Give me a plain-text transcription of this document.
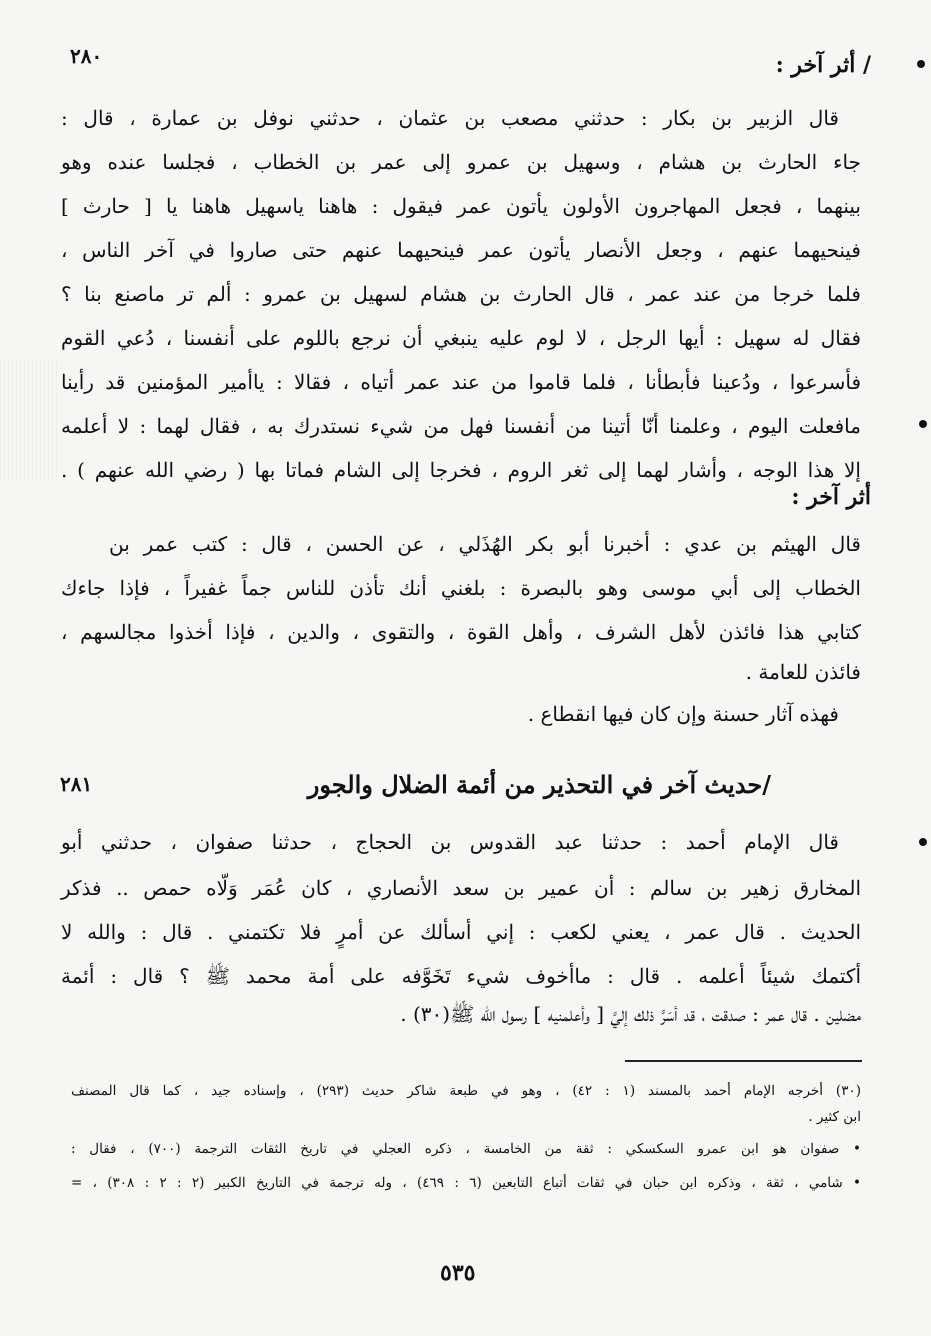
٢٨٠	/ أثر آخر :
قال الزبير بن بكار : حدثني مصعب بن عثمان ، حدثني نوفل بن عمارة ، قال :
جاء الحارث بن هشام ، وسهيل بن عمرو إلى عمر بن الخطاب ، فجلسا عنده وهو
بينهما ، فجعل المهاجرون الأولون يأتون عمر فيقول : هاهنا ياسهيل هاهنا يا [ حارث ]
فينحيهما عنهم ، وجعل الأنصار يأتون عمر فينحيهما عنهم حتى صاروا في آخر الناس ،
فلما خرجا من عند عمر ، قال الحارث بن هشام لسهيل بن عمرو : ألم تر ماصنع بنا ؟
فقال له سهيل : أيها الرجل ، لا لوم عليه ينبغي أن نرجع باللوم على أنفسنا ، دُعي القوم
فأسرعوا ، ودُعينا فأبطأنا ، فلما قاموا من عند عمر أتياه ، فقالا : ياأمير المؤمنين قد رأينا
مافعلت اليوم ، وعلمنا أنّا أتينا من أنفسنا فهل من شيء نستدرك به ، فقال لهما : لا أعلمه
إلا هذا الوجه ، وأشار لهما إلى ثغر الروم ، فخرجا إلى الشام فماتا بها ( رضي الله عنهم ) .
أثر آخر :
قال الهيثم بن عدي : أخبرنا أبو بكر الهُذَلي ، عن الحسن ، قال : كتب عمر بن
الخطاب إلى أبي موسى وهو بالبصرة : بلغني أنك تأذن للناس جماً غفيراً ، فإذا جاءك
كتابي هذا فائذن لأهل الشرف ، وأهل القوة ، والتقوى ، والدين ، فإذا أخذوا مجالسهم ،
فائذن للعامة .
فهذه آثار حسنة وإن كان فيها انقطاع .
٢٨١	/حديث آخر في التحذير من أئمة الضلال والجور
قال الإمام أحمد : حدثنا عبد القدوس بن الحجاج ، حدثنا صفوان ، حدثني أبو
المخارق زهير بن سالم : أن عمير بن سعد الأنصاري ، كان عُمَر وَلّاه حمص .. فذكر
الحديث . قال عمر ، يعني لكعب : إني أسألك عن أمرٍ فلا تكتمني . قال : والله لا
أكتمك شيئاً أعلمه . قال : ماأخوف شيء تَخَوَّفه على أمة محمد ﷺ ؟ قال : أئمة
مضلين . قال عمر : صدقت ، قد أسَرَّ ذلك إليَّ [ وأعلمنيه ] رسول الله ﷺ(٣٠) .
(٣٠) أخرجه الإمام أحمد بالمسند (١ : ٤٢) ، وهو في طبعة شاكر حديث (٢٩٣) ، وإسناده جيد ، كما قال المصنف
ابن كثير .
• صفوان هو ابن عمرو السكسكي : ثقة من الخامسة ، ذكره العجلي في تاريخ الثقات الترجمة (٧٠٠) ، فقال :
• شامي ، ثقة ، وذكره ابن حبان في ثقات أتباع التابعين (٦ : ٤٦٩) ، وله ترجمة في التاريخ الكبير (٢ : ٢ : ٣٠٨) ، =
٥٣٥
